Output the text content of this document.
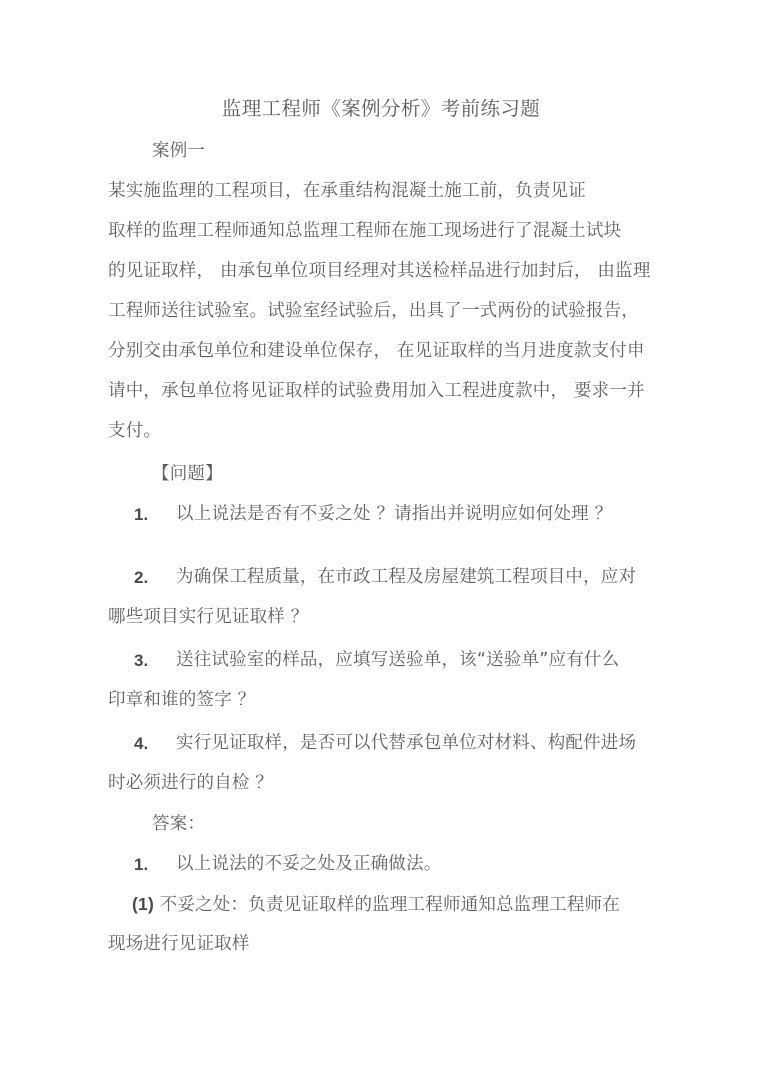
监理工程师《案例分析》考前练习题
案例一
某实施监理的工程项目，在承重结构混凝土施工前，负责见证
取样的监理工程师通知总监理工程师在施工现场进行了混凝土试块
的见证取样， 由承包单位项目经理对其送检样品进行加封后， 由监理
工程师送往试验室。试验室经试验后，出具了一式两份的试验报告，
分别交由承包单位和建设单位保存， 在见证取样的当月进度款支付申
请中，承包单位将见证取样的试验费用加入工程进度款中， 要求一并
支付。
【问题】
1. 以上说法是否有不妥之处 ？请指出并说明应如何处理 ？
2. 为确保工程质量，在市政工程及房屋建筑工程项目中，应对
哪些项目实行见证取样 ？
3. 送往试验室的样品，应填写送验单，该“送验单”应有什么
印章和谁的签字 ？
4. 实行见证取样，是否可以代替承包单位对材料、构配件进场
时必须进行的自检 ？
答案：
1. 以上说法的不妥之处及正确做法。
(1) 不妥之处：负责见证取样的监理工程师通知总监理工程师在
现场进行见证取样
